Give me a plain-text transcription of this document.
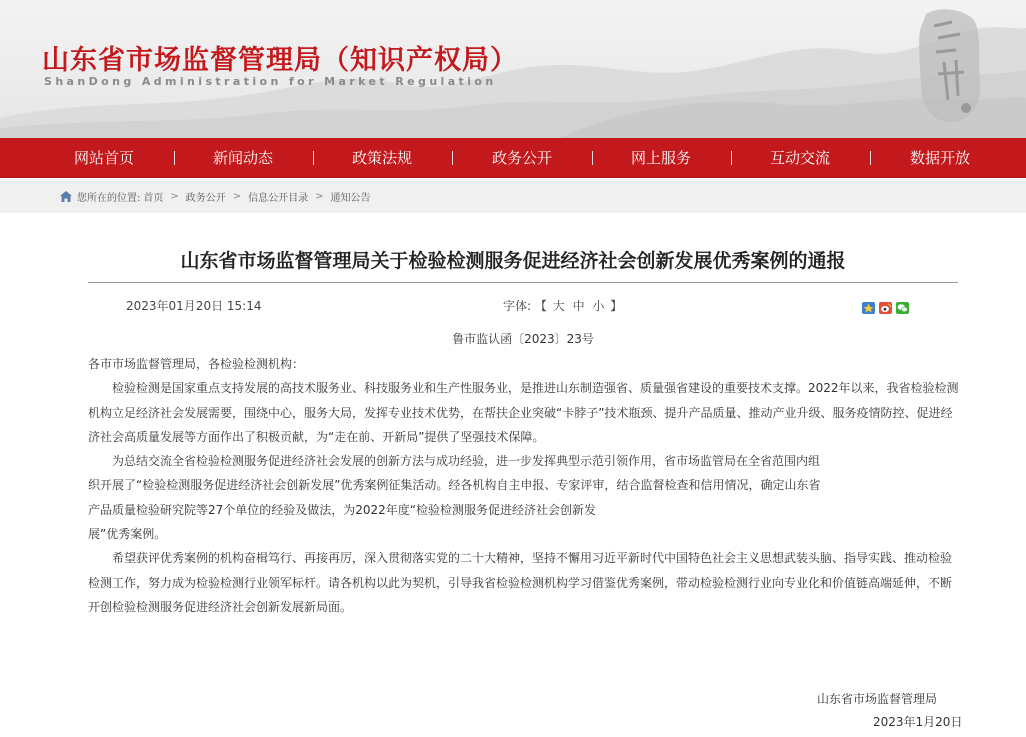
山东省市场监督管理局（知识产权局）
ShanDong Administration for Market Regulation
网站首页	新闻动态	政策法规	政务公开	网上服务	互动交流	数据开放
您所在的位置: 首页 > 政务公开 > 信息公开目录 > 通知公告
山东省市场监督管理局关于检验检测服务促进经济社会创新发展优秀案例的通报
2023年01月20日 15:14	字体: 【 大 中 小 】
鲁市监认函〔2023〕23号

各市市场监督管理局，各检验检测机构：

检验检测是国家重点支持发展的高技术服务业、科技服务业和生产性服务业，是推进山东制造强省、质量强省建设的重要技术支撑。2022年以来，我省检验检测机构立足经济社会发展需要，围绕中心，服务大局，发挥专业技术优势，在帮扶企业突破“卡脖子”技术瓶颈、提升产品质量、推动产业升级、服务疫情防控、促进经济社会高质量发展等方面作出了积极贡献，为“走在前、开新局”提供了坚强技术保障。

为总结交流全省检验检测服务促进经济社会发展的创新方法与成功经验，进一步发挥典型示范引领作用，省市场监管局在全省范围内组织开展了“检验检测服务促进经济社会创新发展”优秀案例征集活动。经各机构自主申报、专家评审，结合监督检查和信用情况，确定山东省产品质量检验研究院等27个单位的经验及做法，为2022年度“检验检测服务促进经济社会创新发

展”优秀案例。

希望获评优秀案例的机构奋楫笃行、再接再厉，深入贯彻落实党的二十大精神，坚持不懈用习近平新时代中国特色社会主义思想武装头脑、指导实践、推动检验检测工作，努力成为检验检测行业领军标杆。请各机构以此为契机，引导我省检验检测机构学习借鉴优秀案例，带动检验检测行业向专业化和价值链高端延伸，不断开创检验检测服务促进经济社会创新发展新局面。

山东省市场监督管理局
2023年1月20日
